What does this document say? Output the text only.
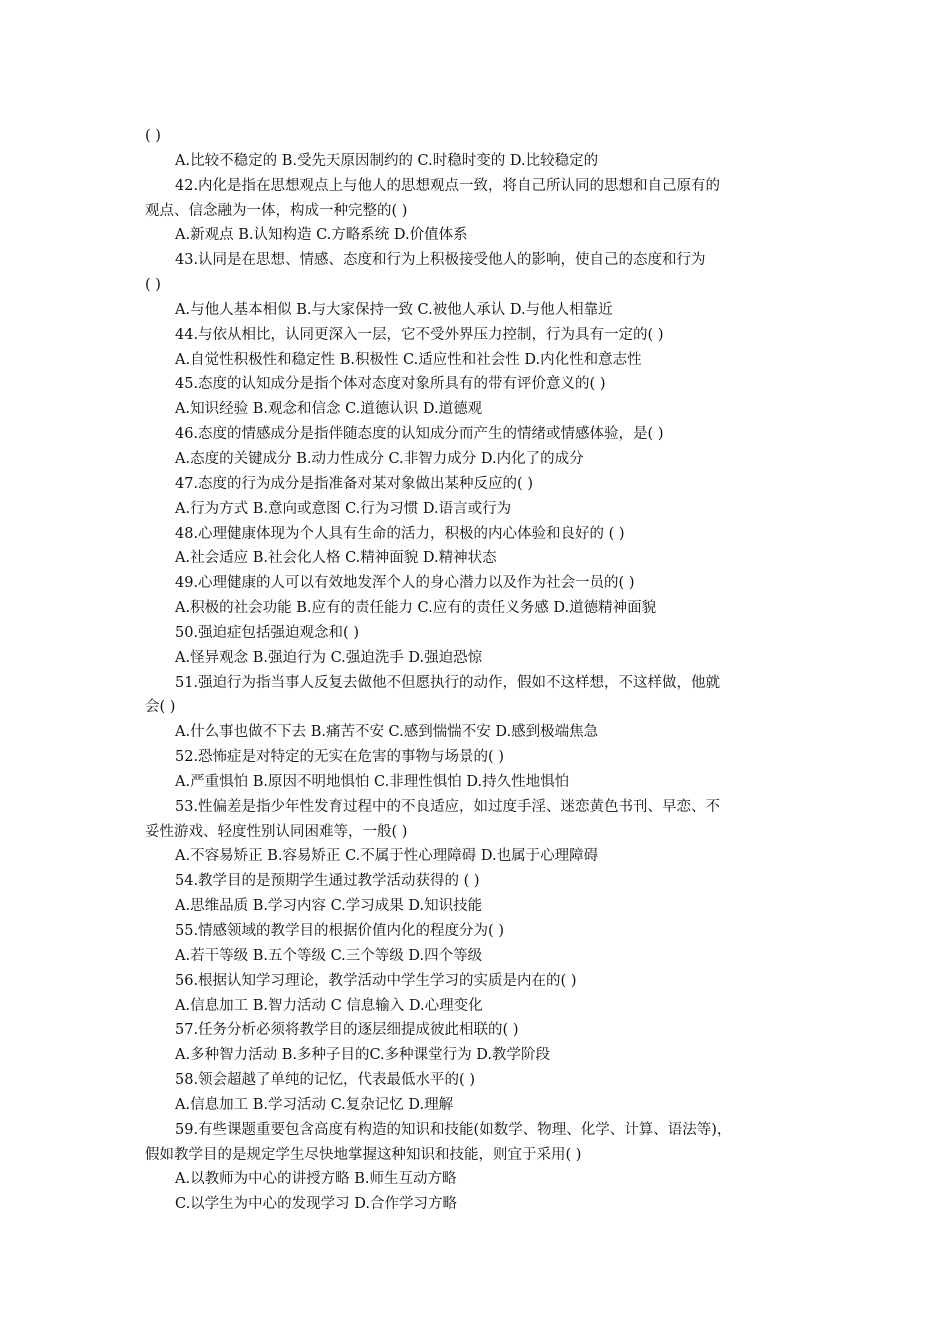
( )
A.比较不稳定的 B.受先天原因制约的 C.时稳时变的 D.比较稳定的
42.内化是指在思想观点上与他人的思想观点一致，将自己所认同的思想和自己原有的
观点、信念融为一体，构成一种完整的( )
A.新观点 B.认知构造 C.方略系统 D.价值体系
43.认同是在思想、情感、态度和行为上积极接受他人的影响，使自己的态度和行为
( )
A.与他人基本相似 B.与大家保持一致 C.被他人承认 D.与他人相靠近
44.与依从相比，认同更深入一层，它不受外界压力控制，行为具有一定的( )
A.自觉性积极性和稳定性 B.积极性 C.适应性和社会性 D.内化性和意志性
45.态度的认知成分是指个体对态度对象所具有的带有评价意义的( )
A.知识经验 B.观念和信念 C.道德认识 D.道德观
46.态度的情感成分是指伴随态度的认知成分而产生的情绪或情感体验，是( )
A.态度的关键成分 B.动力性成分 C.非智力成分 D.内化了的成分
47.态度的行为成分是指准备对某对象做出某种反应的( )
A.行为方式 B.意向或意图 C.行为习惯 D.语言或行为
48.心理健康体现为个人具有生命的活力，积极的内心体验和良好的 ( )
A.社会适应 B.社会化人格 C.精神面貌 D.精神状态
49.心理健康的人可以有效地发浑个人的身心潜力以及作为社会一员的( )
A.积极的社会功能 B.应有的责任能力 C.应有的责任义务感 D.道德精神面貌
50.强迫症包括强迫观念和( )
A.怪异观念 B.强迫行为 C.强迫洗手 D.强迫恐惊
51.强迫行为指当事人反复去做他不但愿执行的动作，假如不这样想，不这样做，他就
会( )
A.什么事也做不下去 B.痛苦不安 C.感到惴惴不安 D.感到极端焦急
52.恐怖症是对特定的无实在危害的事物与场景的( )
A.严重惧怕 B.原因不明地惧怕 C.非理性惧怕 D.持久性地惧怕
53.性偏差是指少年性发育过程中的不良适应，如过度手淫、迷恋黄色书刊、早恋、不
妥性游戏、轻度性别认同困难等，一般( )
A.不容易矫正 B.容易矫正 C.不属于性心理障碍 D.也属于心理障碍
54.教学目的是预期学生通过教学活动获得的 ( )
A.思维品质 B.学习内容 C.学习成果 D.知识技能
55.情感领域的教学目的根据价值内化的程度分为( )
A.若干等级 B.五个等级 C.三个等级 D.四个等级
56.根据认知学习理论，教学活动中学生学习的实质是内在的( )
A.信息加工 B.智力活动 C 信息输入 D.心理变化
57.任务分析必须将教学目的逐层细提成彼此相联的( )
A.多种智力活动 B.多种子目的C.多种课堂行为 D.教学阶段
58.领会超越了单纯的记忆，代表最低水平的( )
A.信息加工 B.学习活动 C.复杂记忆 D.理解
59.有些课题重要包含高度有构造的知识和技能(如数学、物理、化学、计算、语法等)，
假如教学目的是规定学生尽快地掌握这种知识和技能，则宜于采用( )
A.以教师为中心的讲授方略 B.师生互动方略
C.以学生为中心的发现学习 D.合作学习方略
